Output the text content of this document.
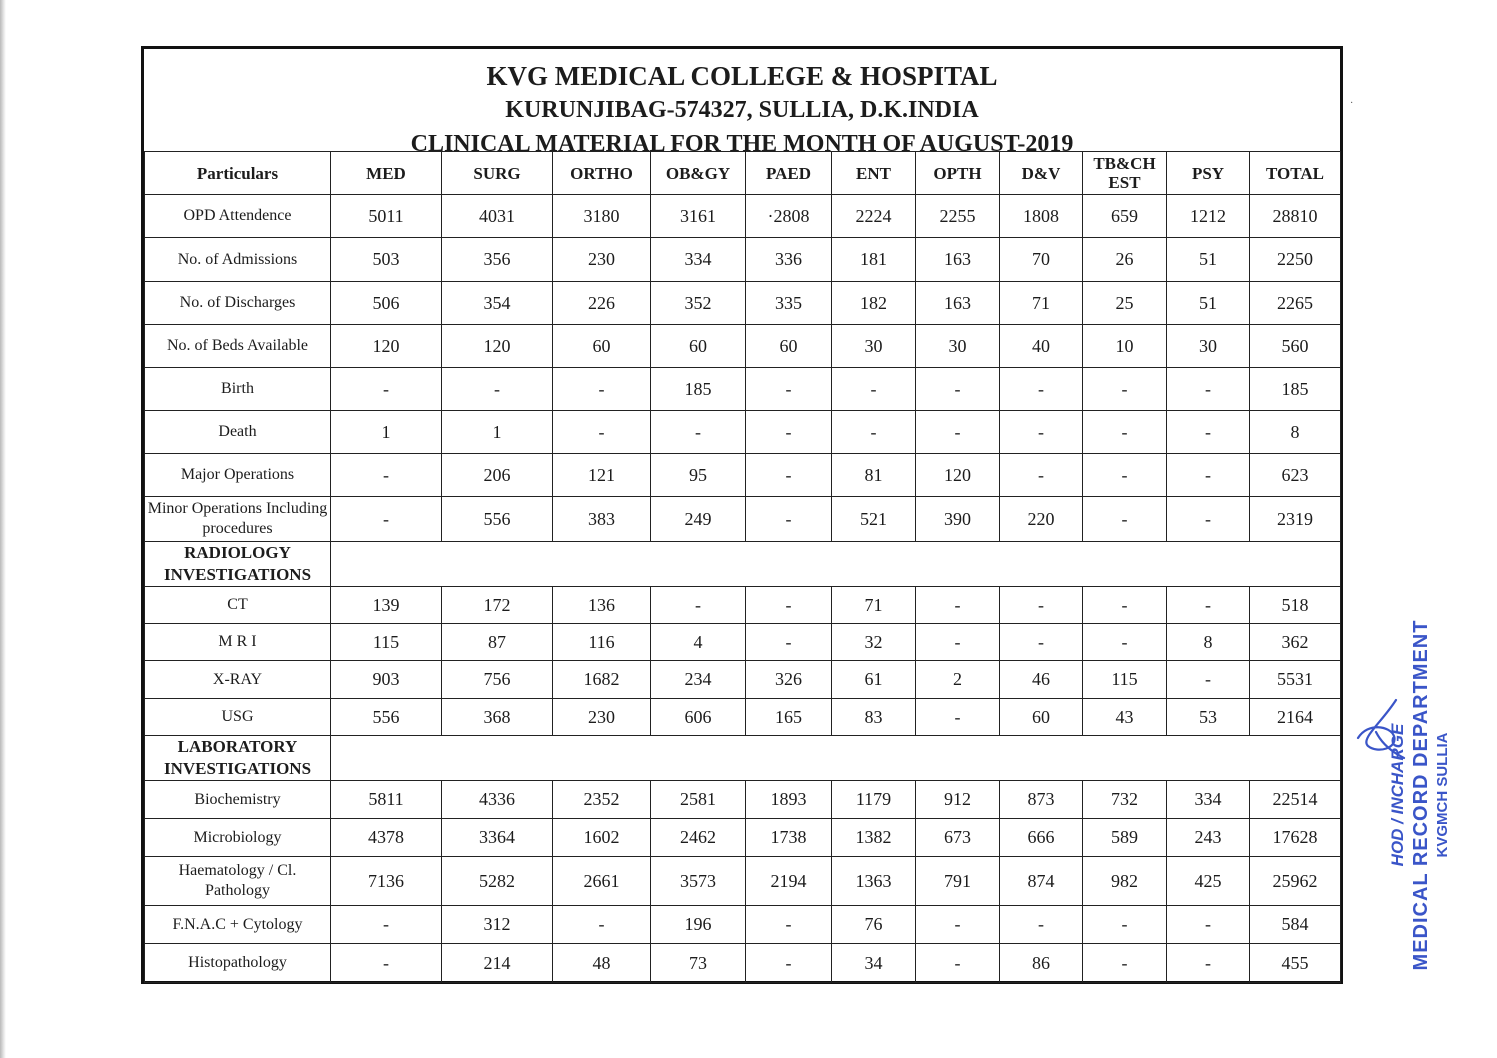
·
KVG MEDICAL COLLEGE & HOSPITAL
KURUNJIBAG-574327, SULLIA, D.K.INDIA
CLINICAL MATERIAL FOR THE MONTH OF AUGUST-2019
Particulars	MED	SURG	ORTHO	OB&GY	PAED	ENT	OPTH	D&V	TB&CH EST	PSY	TOTAL
OPD Attendence	5011	4031	3180	3161	·2808	2224	2255	1808	659	1212	28810
No. of Admissions	503	356	230	334	336	181	163	70	26	51	2250
No. of Discharges	506	354	226	352	335	182	163	71	25	51	2265
No. of Beds Available	120	120	60	60	60	30	30	40	10	30	560
Birth	-	-	-	185	-	-	-	-	-	-	185
Death	1	1	-	-	-	-	-	-	-	-	8
Major Operations	-	206	121	95	-	81	120	-	-	-	623
Minor Operations Including procedures	-	556	383	249	-	521	390	220	-	-	2319
RADIOLOGY INVESTIGATIONS											
CT	139	172	136	-	-	71	-	-	-	-	518
M R I	115	87	116	4	-	32	-	-	-	8	362
X-RAY	903	756	1682	234	326	61	2	46	115	-	5531
USG	556	368	230	606	165	83	-	60	43	53	2164
LABORATORY INVESTIGATIONS											
Biochemistry	5811	4336	2352	2581	1893	1179	912	873	732	334	22514
Microbiology	4378	3364	1602	2462	1738	1382	673	666	589	243	17628
Haematology / Cl. Pathology	7136	5282	2661	3573	2194	1363	791	874	982	425	25962
F.N.A.C + Cytology	-	312	-	196	-	76	-	-	-	-	584
Histopathology	-	214	48	73	-	34	-	86	-	-	455
HOD / INCHARGE MEDICAL RECORD DEPARTMENT KVGMCH SULLIA
